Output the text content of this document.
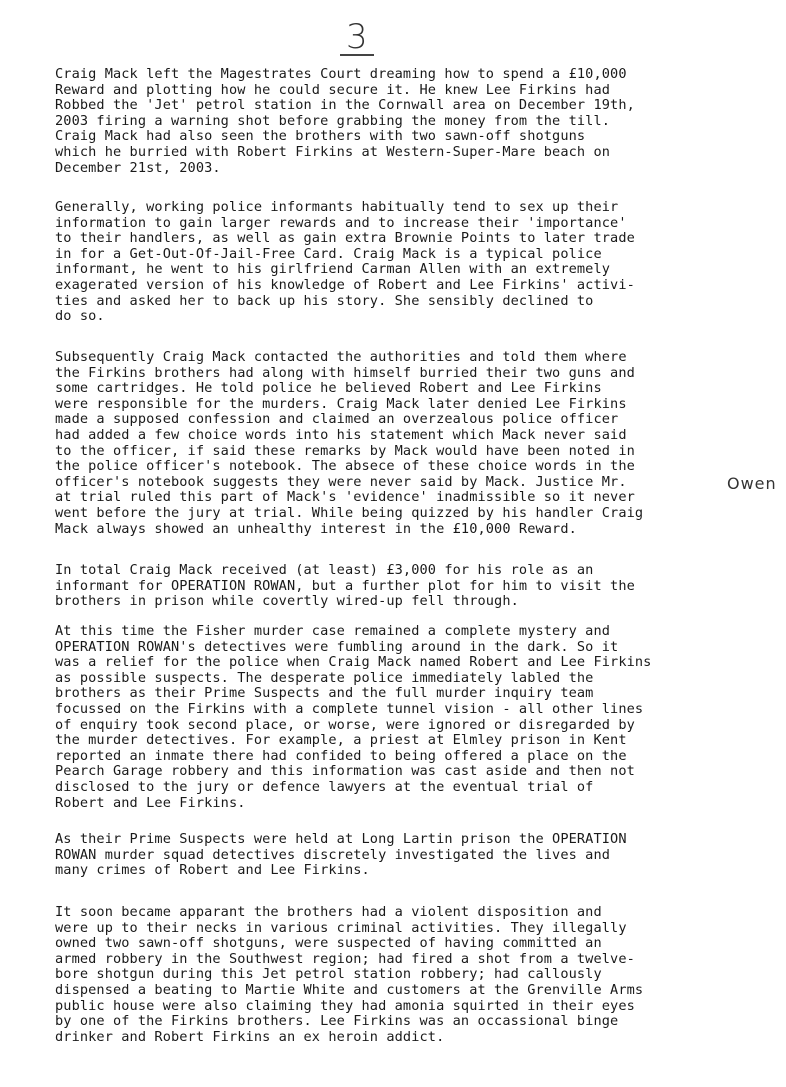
3

Craig Mack left the Magestrates Court dreaming how to spend a £10,000
Reward and plotting how he could secure it. He knew Lee Firkins had
Robbed the 'Jet' petrol station in the Cornwall area on December 19th,
2003 firing a warning shot before grabbing the money from the till.
Craig Mack had also seen the brothers with two sawn-off shotguns
which he burried with Robert Firkins at Western-Super-Mare beach on
December 21st, 2003.

Generally, working police informants habitually tend to sex up their
information to gain larger rewards and to increase their 'importance'
to their handlers, as well as gain extra Brownie Points to later trade
in for a Get-Out-Of-Jail-Free Card. Craig Mack is a typical police
informant, he went to his girlfriend Carman Allen with an extremely
exagerated version of his knowledge of Robert and Lee Firkins' activi-
ties and asked her to back up his story. She sensibly declined to
do so.

Subsequently Craig Mack contacted the authorities and told them where
the Firkins brothers had along with himself burried their two guns and
some cartridges. He told police he believed Robert and Lee Firkins
were responsible for the murders. Craig Mack later denied Lee Firkins
made a supposed confession and claimed an overzealous police officer
had added a few choice words into his statement which Mack never said
to the officer, if said these remarks by Mack would have been noted in
the police officer's notebook. The absece of these choice words in the
officer's notebook suggests they were never said by Mack. Justice Mr.
at trial ruled this part of Mack's 'evidence' inadmissible so it never
went before the jury at trial. While being quizzed by his handler Craig
Mack always showed an unhealthy interest in the £10,000 Reward.

In total Craig Mack received (at least) £3,000 for his role as an
informant for OPERATION ROWAN, but a further plot for him to visit the
brothers in prison while covertly wired-up fell through.

At this time the Fisher murder case remained a complete mystery and
OPERATION ROWAN's detectives were fumbling around in the dark. So it
was a relief for the police when Craig Mack named Robert and Lee Firkins
as possible suspects. The desperate police immediately labled the
brothers as their Prime Suspects and the full murder inquiry team
focussed on the Firkins with a complete tunnel vision - all other lines
of enquiry took second place, or worse, were ignored or disregarded by
the murder detectives. For example, a priest at Elmley prison in Kent
reported an inmate there had confided to being offered a place on the
Pearch Garage robbery and this information was cast aside and then not
disclosed to the jury or defence lawyers at the eventual trial of
Robert and Lee Firkins.

As their Prime Suspects were held at Long Lartin prison the OPERATION
ROWAN murder squad detectives discretely investigated the lives and
many crimes of Robert and Lee Firkins.

It soon became apparant the brothers had a violent disposition and
were up to their necks in various criminal activities. They illegally
owned two sawn-off shotguns, were suspected of having committed an
armed robbery in the Southwest region; had fired a shot from a twelve-
bore shotgun during this Jet petrol station robbery; had callously
dispensed a beating to Martie White and customers at the Grenville Arms
public house were also claiming they had amonia squirted in their eyes
by one of the Firkins brothers. Lee Firkins was an occassional binge
drinker and Robert Firkins an ex heroin addict.

Owen
